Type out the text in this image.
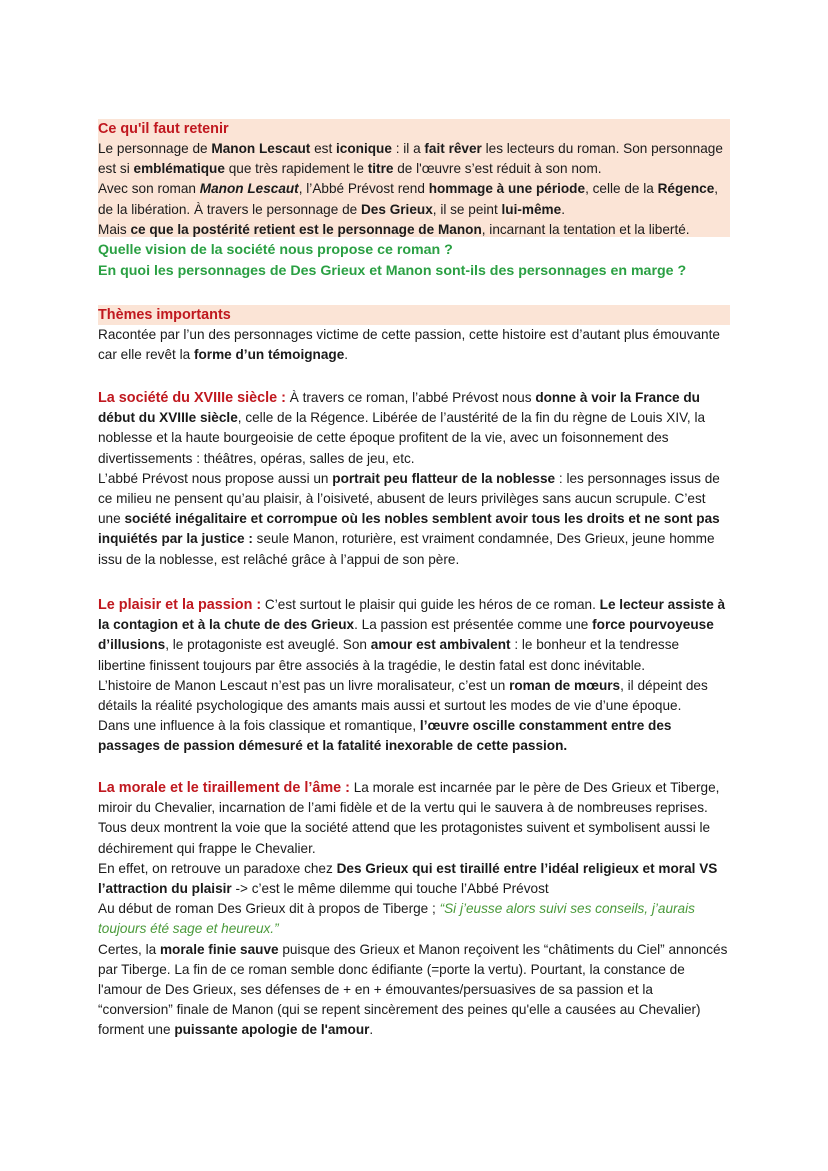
Ce qu'il faut retenir

Le personnage de Manon Lescaut est iconique : il a fait rêver les lecteurs du roman. Son personnage

est si emblématique que très rapidement le titre de l'œuvre s’est réduit à son nom.

Avec son roman Manon Lescaut, l’Abbé Prévost rend hommage à une période, celle de la Régence,

de la libération. À travers le personnage de Des Grieux, il se peint lui-même.

Mais ce que la postérité retient est le personnage de Manon, incarnant la tentation et la liberté.

Quelle vision de la société nous propose ce roman ?

En quoi les personnages de Des Grieux et Manon sont-ils des personnages en marge ?

Thèmes importants

Racontée par l’un des personnages victime de cette passion, cette histoire est d’autant plus émouvante car elle revêt la forme d’un témoignage.

La société du XVIIIe siècle : À travers ce roman, l’abbé Prévost nous donne à voir la France du début du XVIIIe siècle, celle de la Régence. Libérée de l’austérité de la fin du règne de Louis XIV, la noblesse et la haute bourgeoisie de cette époque profitent de la vie, avec un foisonnement des divertissements : théâtres, opéras, salles de jeu, etc.

L’abbé Prévost nous propose aussi un portrait peu flatteur de la noblesse : les personnages issus de ce milieu ne pensent qu’au plaisir, à l’oisiveté, abusent de leurs privilèges sans aucun scrupule. C’est une société inégalitaire et corrompue où les nobles semblent avoir tous les droits et ne sont pas inquiétés par la justice : seule Manon, roturière, est vraiment condamnée, Des Grieux, jeune homme issu de la noblesse, est relâché grâce à l’appui de son père.

Le plaisir et la passion : C’est surtout le plaisir qui guide les héros de ce roman. Le lecteur assiste à la contagion et à la chute de des Grieux. La passion est présentée comme une force pourvoyeuse d’illusions, le protagoniste est aveuglé. Son amour est ambivalent : le bonheur et la tendresse libertine finissent toujours par être associés à la tragédie, le destin fatal est donc inévitable.

L’histoire de Manon Lescaut n’est pas un livre moralisateur, c’est un roman de mœurs, il dépeint des détails la réalité psychologique des amants mais aussi et surtout les modes de vie d’une époque.

Dans une influence à la fois classique et romantique, l’œuvre oscille constamment entre des passages de passion démesuré et la fatalité inexorable de cette passion.

La morale et le tiraillement de l’âme : La morale est incarnée par le père de Des Grieux et Tiberge, miroir du Chevalier, incarnation de l’ami fidèle et de la vertu qui le sauvera à de nombreuses reprises. Tous deux montrent la voie que la société attend que les protagonistes suivent et symbolisent aussi le déchirement qui frappe le Chevalier.

En effet, on retrouve un paradoxe chez Des Grieux qui est tiraillé entre l’idéal religieux et moral VS l’attraction du plaisir -> c’est le même dilemme qui touche l’Abbé Prévost

Au début de roman Des Grieux dit à propos de Tiberge ; “Si j’eusse alors suivi ses conseils, j’aurais toujours été sage et heureux.”

Certes, la morale finie sauve puisque des Grieux et Manon reçoivent les “châtiments du Ciel” annoncés par Tiberge. La fin de ce roman semble donc édifiante (=porte la vertu). Pourtant, la constance de l'amour de Des Grieux, ses défenses de + en + émouvantes/persuasives de sa passion et la “conversion” finale de Manon (qui se repent sincèrement des peines qu'elle a causées au Chevalier) forment une puissante apologie de l'amour.
